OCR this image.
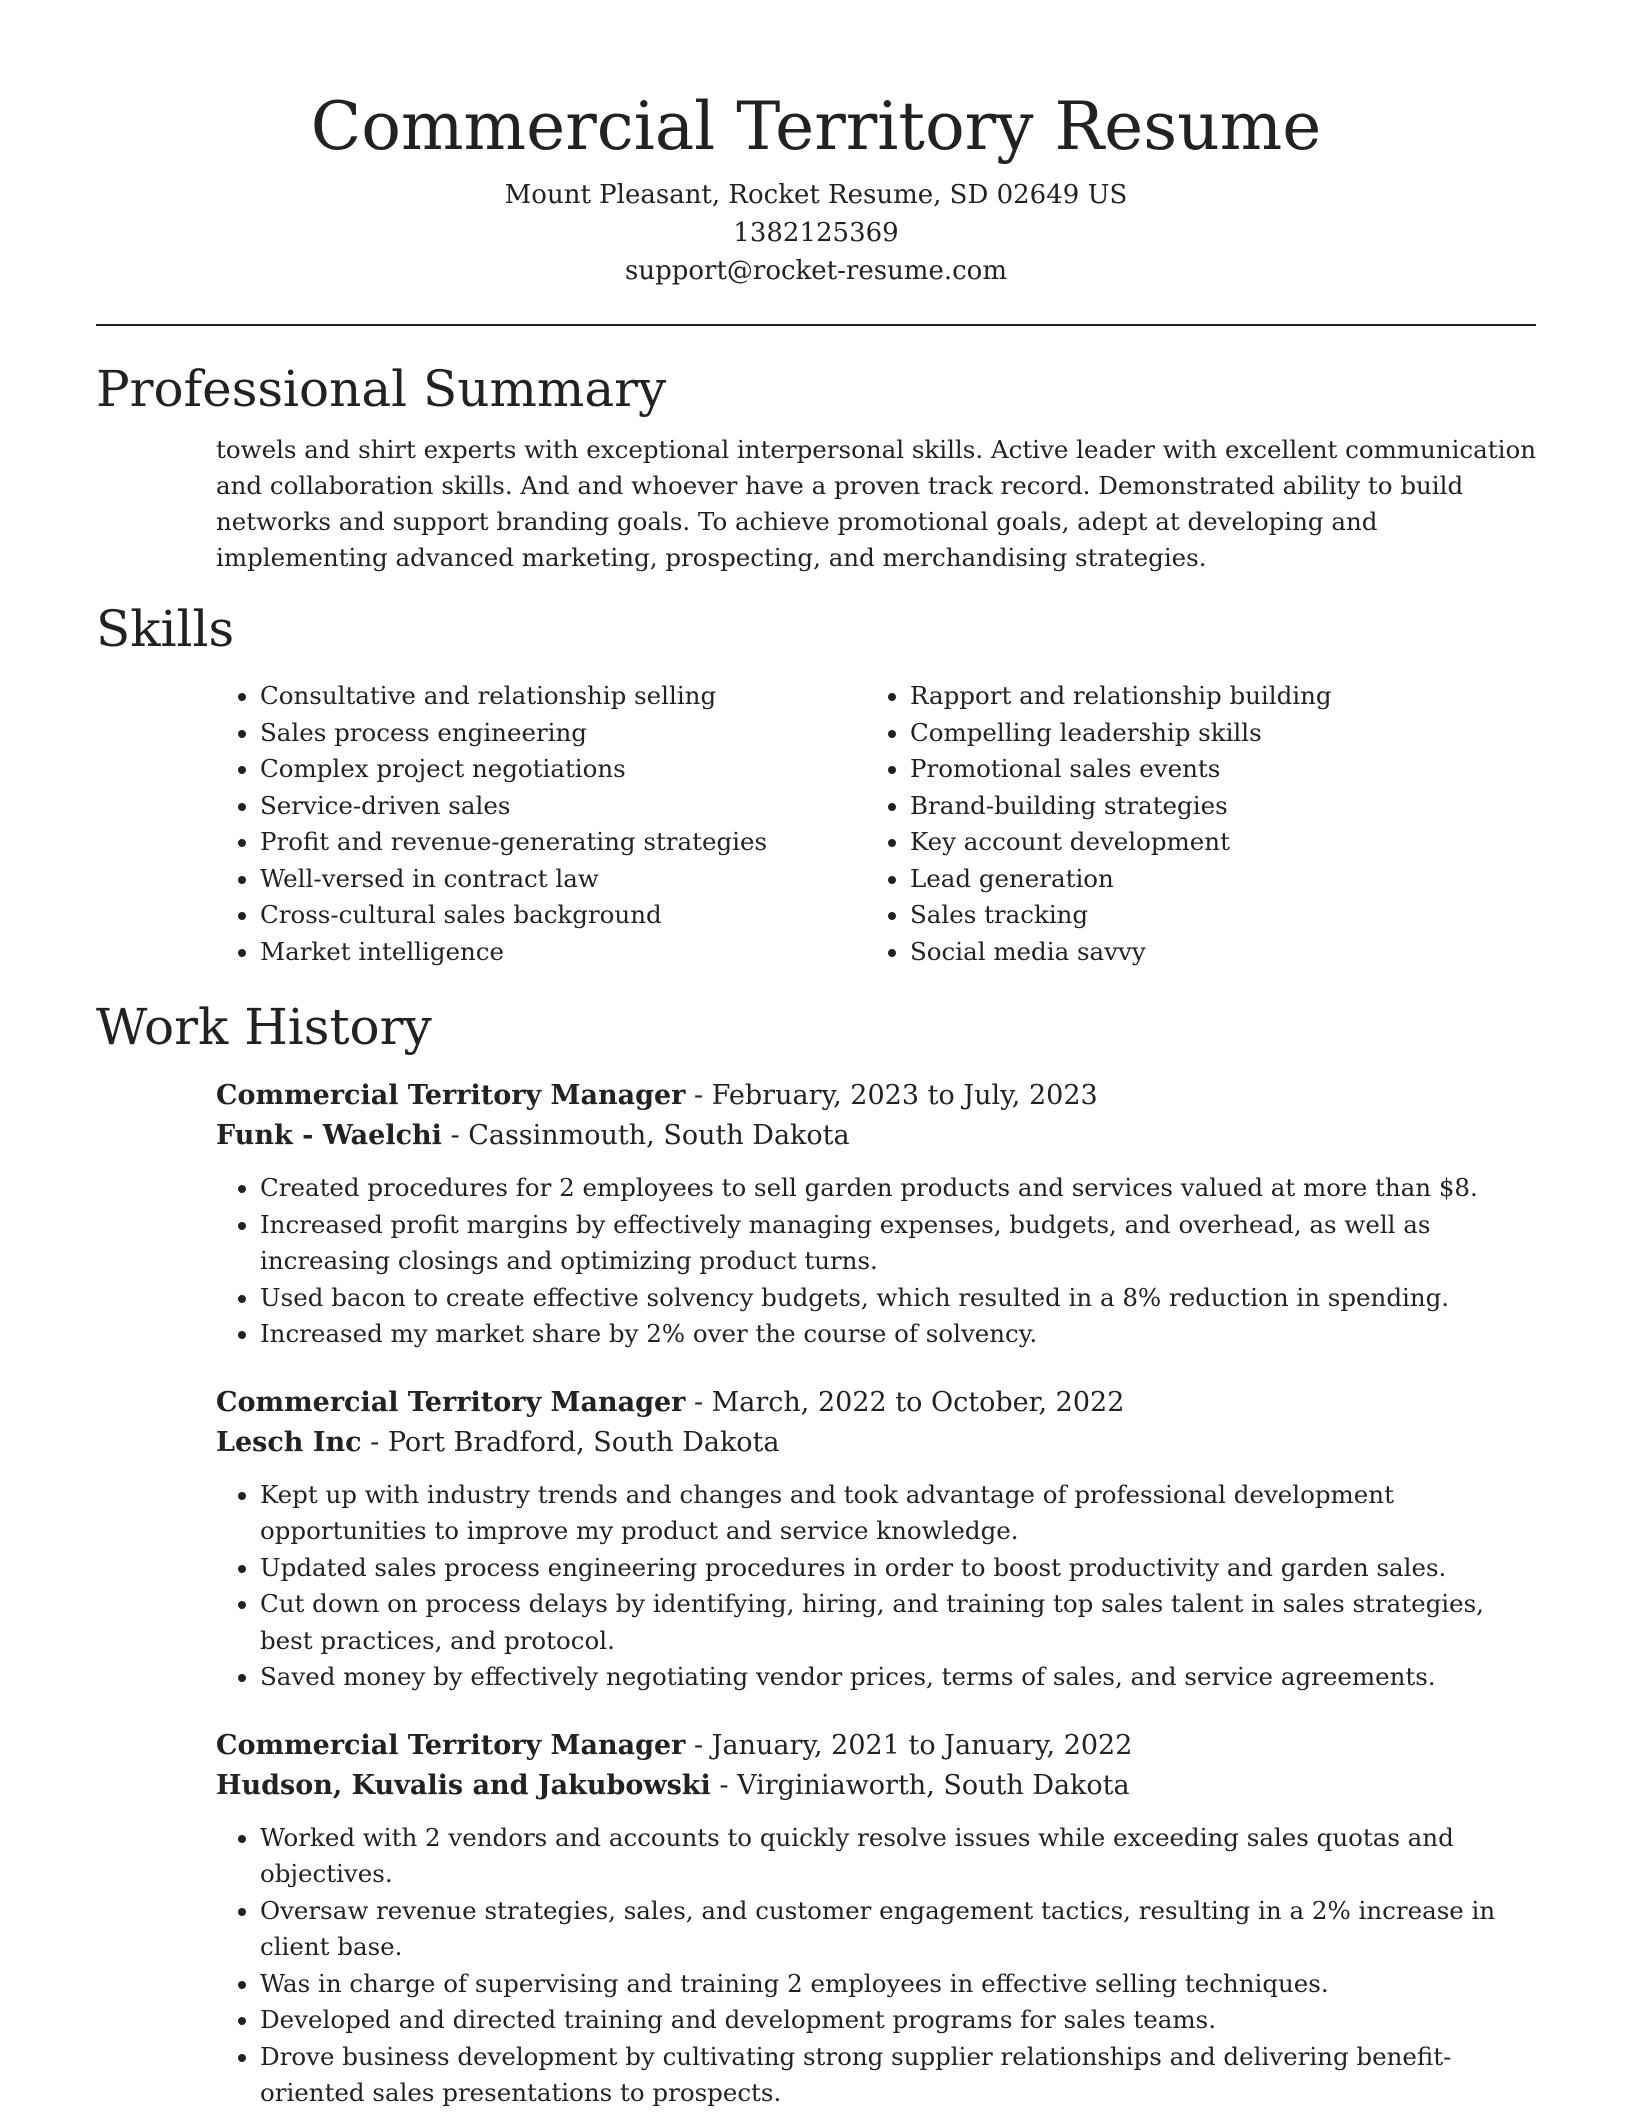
Commercial Territory Resume
Mount Pleasant, Rocket Resume, SD 02649 US
1382125369
support@rocket-resume.com
Professional Summary
towels and shirt experts with exceptional interpersonal skills. Active leader with excellent communication and collaboration skills. And and whoever have a proven track record. Demonstrated ability to build networks and support branding goals. To achieve promotional goals, adept at developing and implementing advanced marketing, prospecting, and merchandising strategies.
Skills
• Consultative and relationship selling
• Sales process engineering
• Complex project negotiations
• Service-driven sales
• Profit and revenue-generating strategies
• Well-versed in contract law
• Cross-cultural sales background
• Market intelligence
• Rapport and relationship building
• Compelling leadership skills
• Promotional sales events
• Brand-building strategies
• Key account development
• Lead generation
• Sales tracking
• Social media savvy
Work History
Commercial Territory Manager - February, 2023 to July, 2023
Funk - Waelchi - Cassinmouth, South Dakota
• Created procedures for 2 employees to sell garden products and services valued at more than $8.
• Increased profit margins by effectively managing expenses, budgets, and overhead, as well as increasing closings and optimizing product turns.
• Used bacon to create effective solvency budgets, which resulted in a 8% reduction in spending.
• Increased my market share by 2% over the course of solvency.
Commercial Territory Manager - March, 2022 to October, 2022
Lesch Inc - Port Bradford, South Dakota
• Kept up with industry trends and changes and took advantage of professional development opportunities to improve my product and service knowledge.
• Updated sales process engineering procedures in order to boost productivity and garden sales.
• Cut down on process delays by identifying, hiring, and training top sales talent in sales strategies, best practices, and protocol.
• Saved money by effectively negotiating vendor prices, terms of sales, and service agreements.
Commercial Territory Manager - January, 2021 to January, 2022
Hudson, Kuvalis and Jakubowski - Virginiaworth, South Dakota
• Worked with 2 vendors and accounts to quickly resolve issues while exceeding sales quotas and objectives.
• Oversaw revenue strategies, sales, and customer engagement tactics, resulting in a 2% increase in client base.
• Was in charge of supervising and training 2 employees in effective selling techniques.
• Developed and directed training and development programs for sales teams.
• Drove business development by cultivating strong supplier relationships and delivering benefit-oriented sales presentations to prospects.
